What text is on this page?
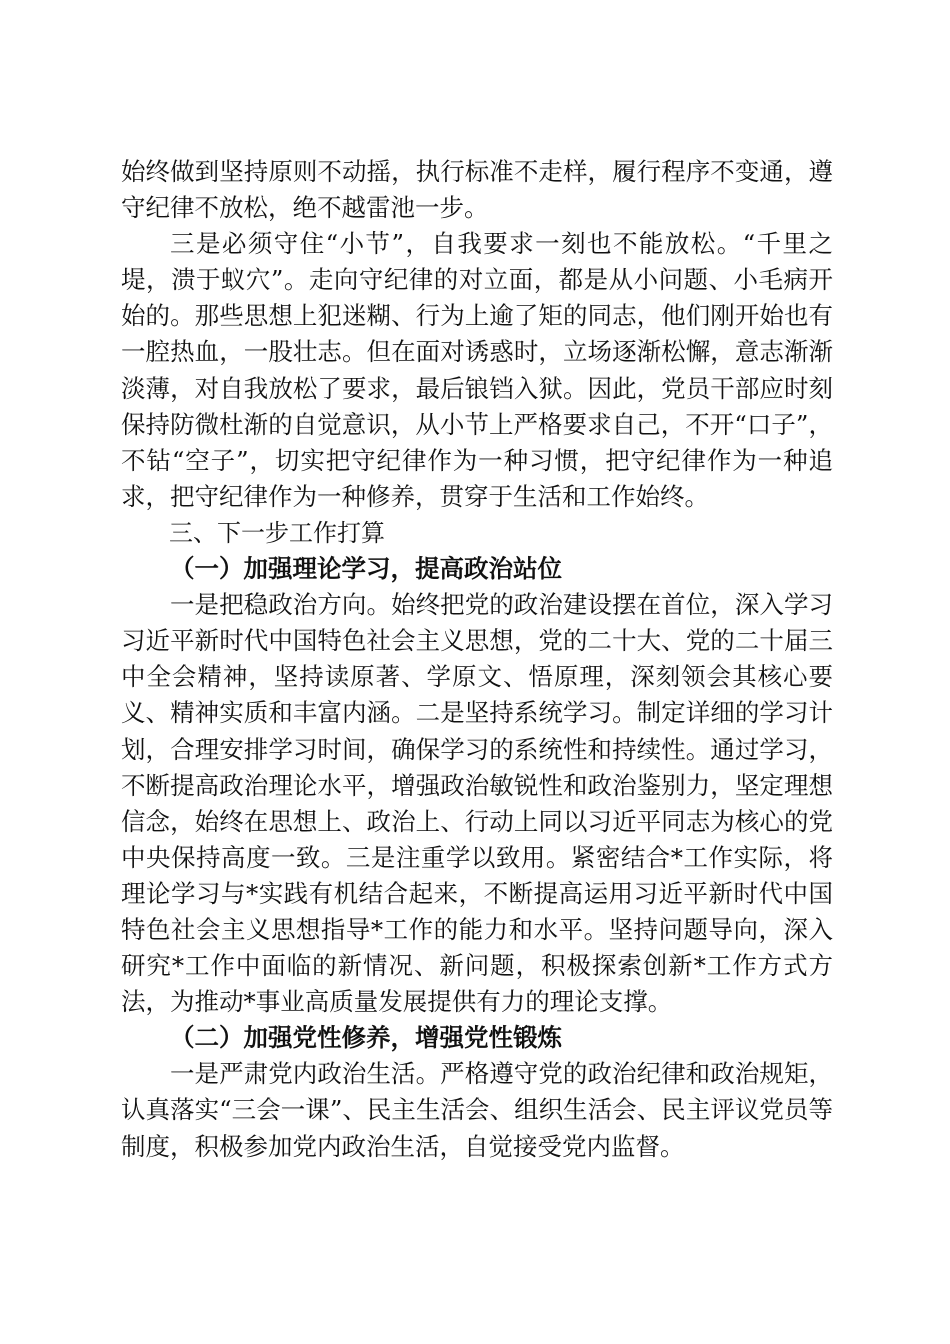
始终做到坚持原则不动摇，执行标准不走样，履行程序不变通，遵守纪律不放松，绝不越雷池一步。

三是必须守住“小节”，自我要求一刻也不能放松。“千里之堤，溃于蚁穴”。走向守纪律的对立面，都是从小问题、小毛病开始的。那些思想上犯迷糊、行为上逾了矩的同志，他们刚开始也有一腔热血，一股壮志。但在面对诱惑时，立场逐渐松懈，意志渐渐淡薄，对自我放松了要求，最后锒铛入狱。因此，党员干部应时刻保持防微杜渐的自觉意识，从小节上严格要求自己，不开“口子”，不钻“空子”，切实把守纪律作为一种习惯，把守纪律作为一种追求，把守纪律作为一种修养，贯穿于生活和工作始终。

三、下一步工作打算

（一）加强理论学习，提高政治站位

一是把稳政治方向。始终把党的政治建设摆在首位，深入学习习近平新时代中国特色社会主义思想，党的二十大、党的二十届三中全会精神，坚持读原著、学原文、悟原理，深刻领会其核心要义、精神实质和丰富内涵。二是坚持系统学习。制定详细的学习计划，合理安排学习时间，确保学习的系统性和持续性。通过学习，不断提高政治理论水平，增强政治敏锐性和政治鉴别力，坚定理想信念，始终在思想上、政治上、行动上同以习近平同志为核心的党中央保持高度一致。三是注重学以致用。紧密结合*工作实际，将理论学习与*实践有机结合起来，不断提高运用习近平新时代中国特色社会主义思想指导*工作的能力和水平。坚持问题导向，深入研究*工作中面临的新情况、新问题，积极探索创新*工作方式方法，为推动*事业高质量发展提供有力的理论支撑。

（二）加强党性修养，增强党性锻炼

一是严肃党内政治生活。严格遵守党的政治纪律和政治规矩，认真落实“三会一课”、民主生活会、组织生活会、民主评议党员等制度，积极参加党内政治生活，自觉接受党内监督。
